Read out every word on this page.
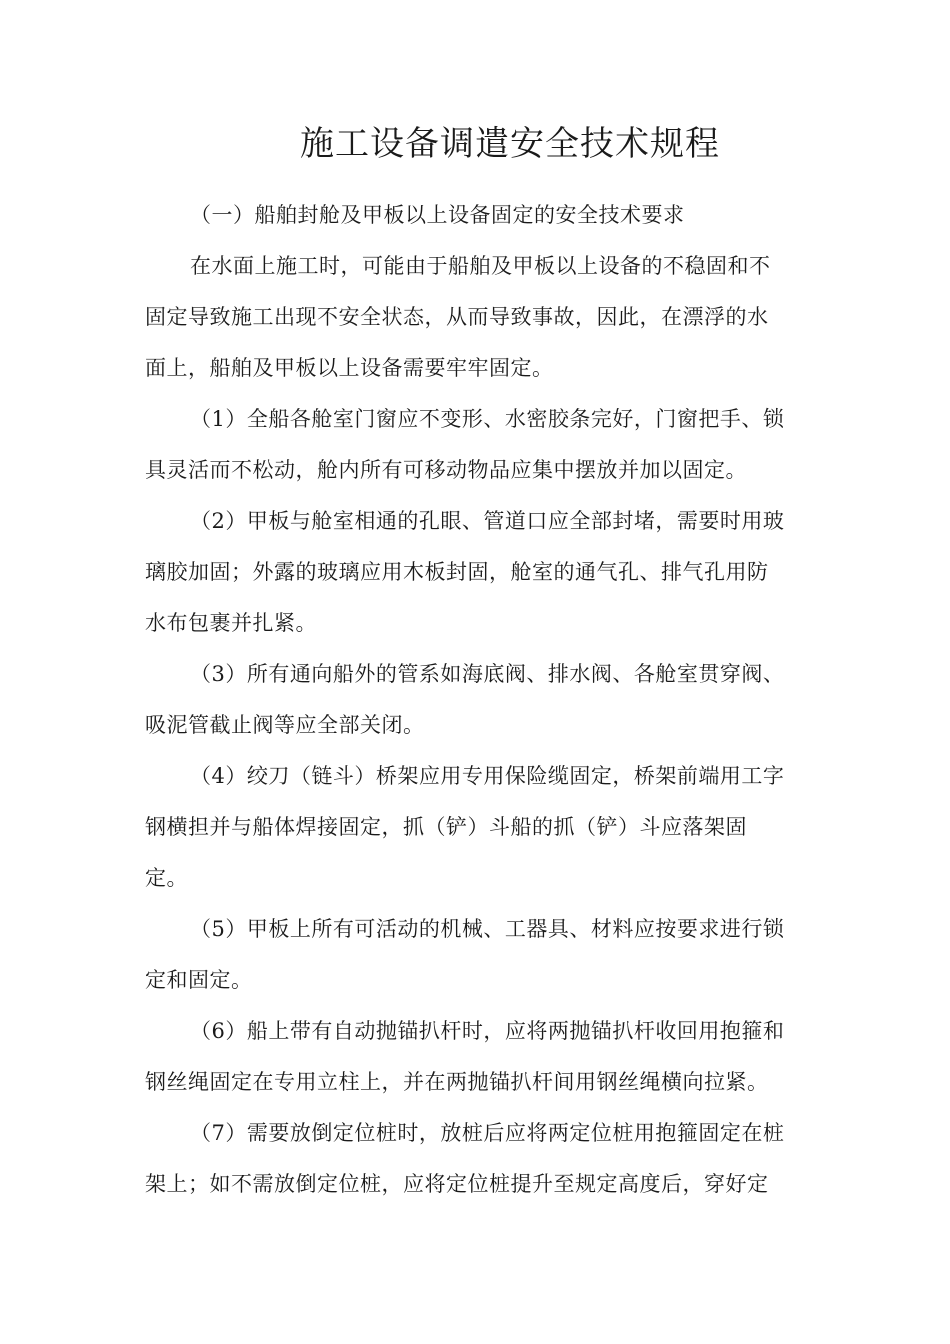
施工设备调遣安全技术规程

（一）船舶封舱及甲板以上设备固定的安全技术要求

在水面上施工时，可能由于船舶及甲板以上设备的不稳固和不

固定导致施工出现不安全状态，从而导致事故，因此，在漂浮的水

面上，船舶及甲板以上设备需要牢牢固定。

（1）全船各舱室门窗应不变形、水密胶条完好，门窗把手、锁

具灵活而不松动，舱内所有可移动物品应集中摆放并加以固定。

（2）甲板与舱室相通的孔眼、管道口应全部封堵，需要时用玻

璃胶加固；外露的玻璃应用木板封固，舱室的通气孔、排气孔用防

水布包裹并扎紧。

（3）所有通向船外的管系如海底阀、排水阀、各舱室贯穿阀、

吸泥管截止阀等应全部关闭。

（4）绞刀（链斗）桥架应用专用保险缆固定，桥架前端用工字

钢横担并与船体焊接固定，抓（铲）斗船的抓（铲）斗应落架固

定。

（5）甲板上所有可活动的机械、工器具、材料应按要求进行锁

定和固定。

（6）船上带有自动抛锚扒杆时，应将两抛锚扒杆收回用抱箍和

钢丝绳固定在专用立柱上，并在两抛锚扒杆间用钢丝绳横向拉紧。

（7）需要放倒定位桩时，放桩后应将两定位桩用抱箍固定在桩

架上；如不需放倒定位桩，应将定位桩提升至规定高度后，穿好定
